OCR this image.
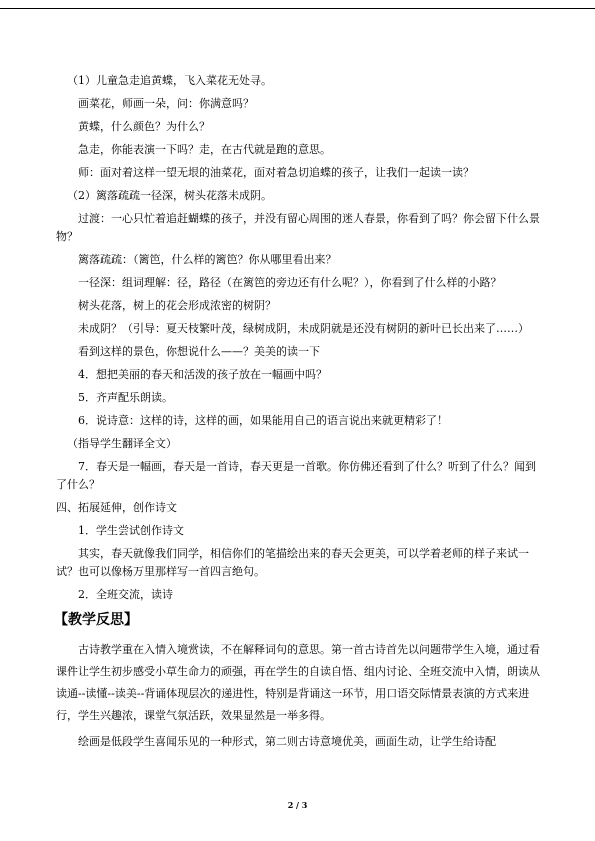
（1）儿童急走追黄蝶，飞入菜花无处寻。

画菜花，师画一朵，问：你满意吗？

黄蝶，什么颜色？为什么？

急走，你能表演一下吗？走，在古代就是跑的意思。

师：面对着这样一望无垠的油菜花，面对着急切追蝶的孩子，让我们一起读一读？

（2）篱落疏疏一径深，树头花落未成阴。

过渡：一心只忙着追赶蝴蝶的孩子，并没有留心周围的迷人春景，你看到了吗？你会留下什么景物？

篱落疏疏：（篱笆，什么样的篱笆？你从哪里看出来？

一径深：组词理解：径，路径（在篱笆的旁边还有什么呢？），你看到了什么样的小路？

树头花落，树上的花会形成浓密的树阴？

未成阴？（引导：夏天枝繁叶茂，绿树成阴，未成阴就是还没有树阴的新叶已长出来了……）

看到这样的景色，你想说什么——？美美的读一下

4．想把美丽的春天和活泼的孩子放在一幅画中吗？

5．齐声配乐朗读。

6．说诗意：这样的诗，这样的画，如果能用自己的语言说出来就更精彩了！

（指导学生翻译全文）

7．春天是一幅画，春天是一首诗，春天更是一首歌。你仿佛还看到了什么？听到了什么？闻到了什么？

四、拓展延伸，创作诗文

1．学生尝试创作诗文

其实，春天就像我们同学，相信你们的笔描绘出来的春天会更美，可以学着老师的样子来试一试？也可以像杨万里那样写一首四言绝句。

2．全班交流，读诗

【教学反思】

古诗教学重在入情入境赏读，不在解释词句的意思。第一首古诗首先以问题带学生入境，通过看课件让学生初步感受小草生命力的顽强，再在学生的自读自悟、组内讨论、全班交流中入情，朗读从读通--读懂--读美--背诵体现层次的递进性，特别是背诵这一环节，用口语交际情景表演的方式来进行，学生兴趣浓，课堂气氛活跃，效果显然是一举多得。

绘画是低段学生喜闻乐见的一种形式，第二则古诗意境优美，画面生动，让学生给诗配

2 / 3
